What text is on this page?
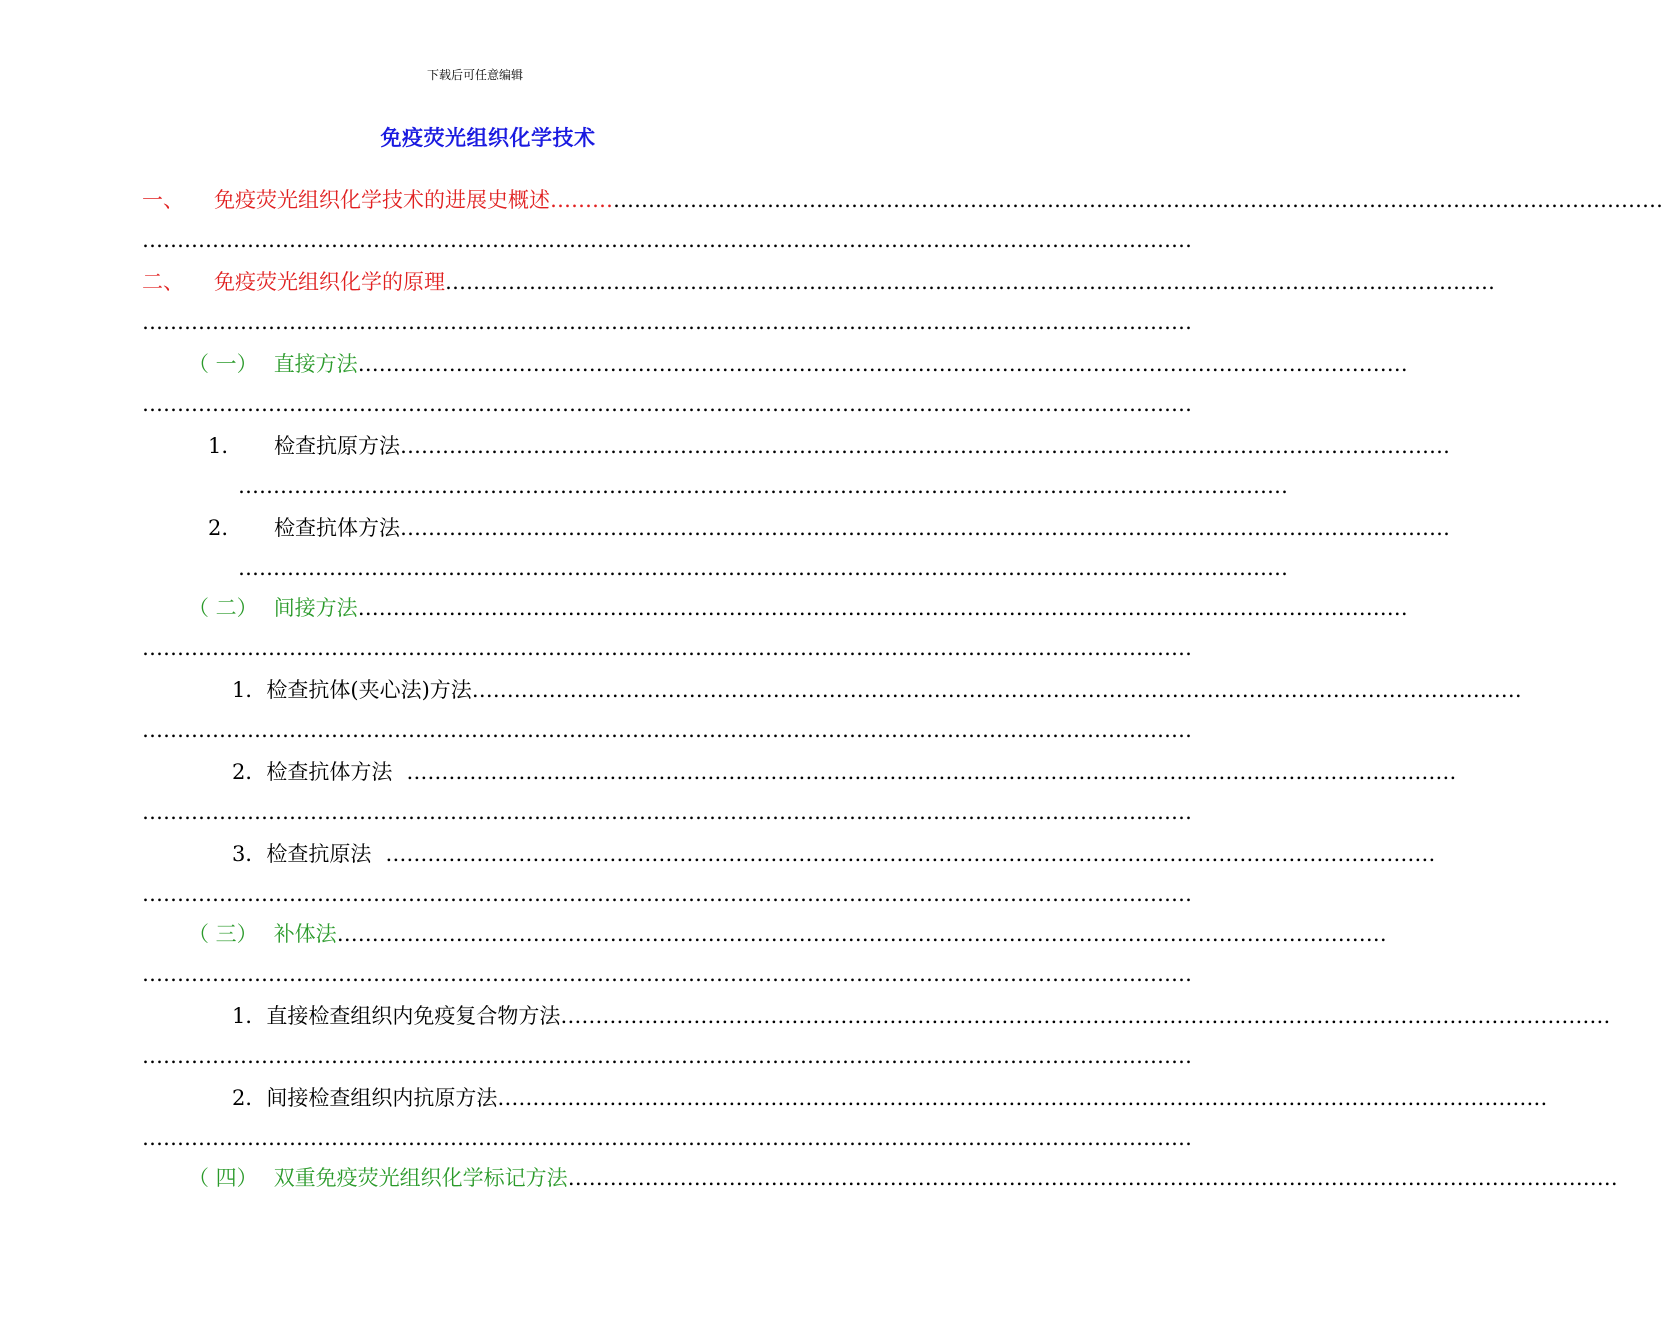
下载后可任意编辑
免疫荧光组织化学技术
一、 免疫荧光组织化学技术的进展史概述……………………………………………………………………………………………………………………………………………
……………………………………………………………………………………………………………………………………
二、 免疫荧光组织化学的原理……………………………………………………………………………………………………………………………………
……………………………………………………………………………………………………………………………………
（ 一） 直接方法……………………………………………………………………………………………………………………………………
……………………………………………………………………………………………………………………………………
1. 检查抗原方法……………………………………………………………………………………………………………………………………
……………………………………………………………………………………………………………………………………
2. 检查抗体方法……………………………………………………………………………………………………………………………………
……………………………………………………………………………………………………………………………………
（ 二） 间接方法……………………………………………………………………………………………………………………………………
……………………………………………………………………………………………………………………………………
1．检查抗体(夹心法)方法……………………………………………………………………………………………………………………………………
……………………………………………………………………………………………………………………………………
2．检查抗体方法 ……………………………………………………………………………………………………………………………………
……………………………………………………………………………………………………………………………………
3．检查抗原法 ……………………………………………………………………………………………………………………………………
……………………………………………………………………………………………………………………………………
（ 三） 补体法……………………………………………………………………………………………………………………………………
……………………………………………………………………………………………………………………………………
1．直接检查组织内免疫复合物方法……………………………………………………………………………………………………………………………………
……………………………………………………………………………………………………………………………………
2．间接检查组织内抗原方法……………………………………………………………………………………………………………………………………
……………………………………………………………………………………………………………………………………
（ 四） 双重免疫荧光组织化学标记方法……………………………………………………………………………………………………………………………………
